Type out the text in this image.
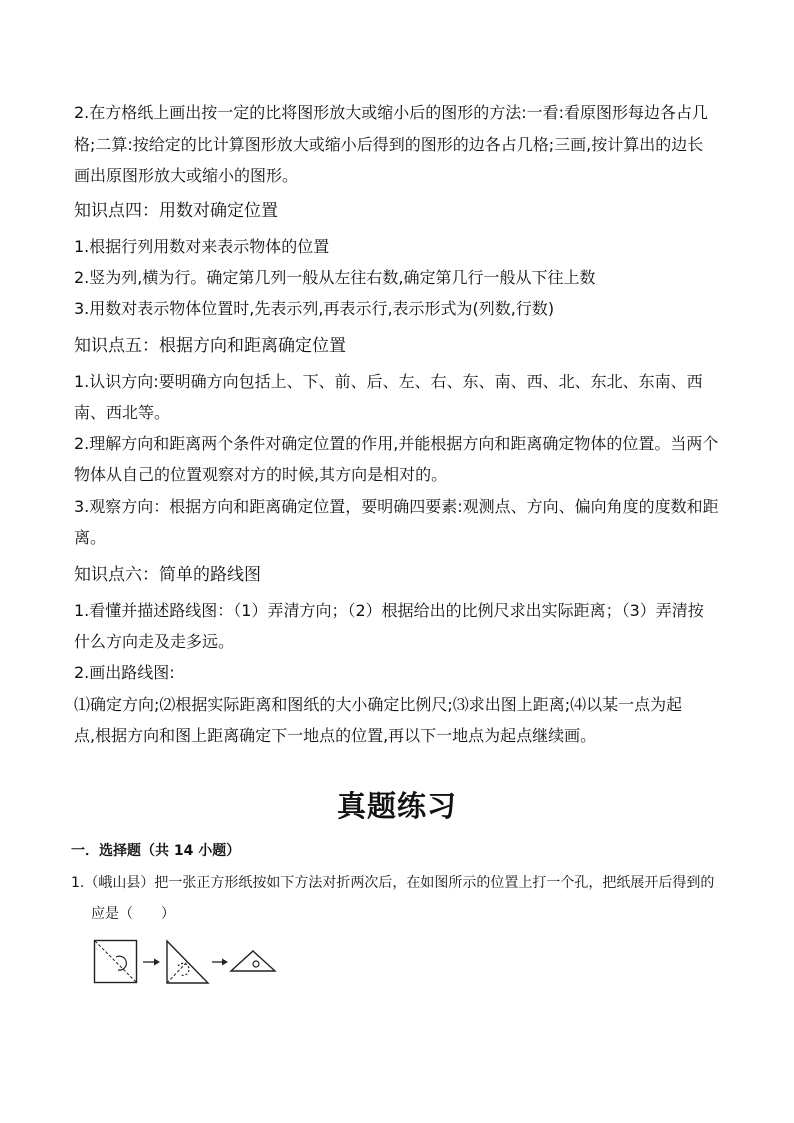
2.在方格纸上画出按一定的比将图形放大或缩小后的图形的方法:一看:看原图形每边各占几
格;二算:按给定的比计算图形放大或缩小后得到的图形的边各占几格;三画,按计算出的边长
画出原图形放大或缩小的图形。
知识点四：用数对确定位置
1.根据行列用数对来表示物体的位置
2.竖为列,横为行。确定第几列一般从左往右数,确定第几行一般从下往上数
3.用数对表示物体位置时,先表示列,再表示行,表示形式为(列数,行数)
知识点五：根据方向和距离确定位置
1.认识方向:要明确方向包括上、下、前、后、左、右、东、南、西、北、东北、东南、西
南、西北等。
2.理解方向和距离两个条件对确定位置的作用,并能根据方向和距离确定物体的位置。当两个
物体从自己的位置观察对方的时候,其方向是相对的。
3.观察方向：根据方向和距离确定位置，要明确四要素:观测点、方向、偏向角度的度数和距
离。
知识点六：简单的路线图
1.看懂并描述路线图：（1）弄清方向；（2）根据给出的比例尺求出实际距离；（3）弄清按
什么方向走及走多远。
2.画出路线图:
⑴确定方向;⑵根据实际距离和图纸的大小确定比例尺;⑶求出图上距离;⑷以某一点为起
点,根据方向和图上距离确定下一地点的位置,再以下一地点为起点继续画。
真题练习
一．选择题（共 14 小题）
1.（峨山县）把一张正方形纸按如下方法对折两次后，在如图所示的位置上打一个孔，把纸展开后得到的
应是（　　）
